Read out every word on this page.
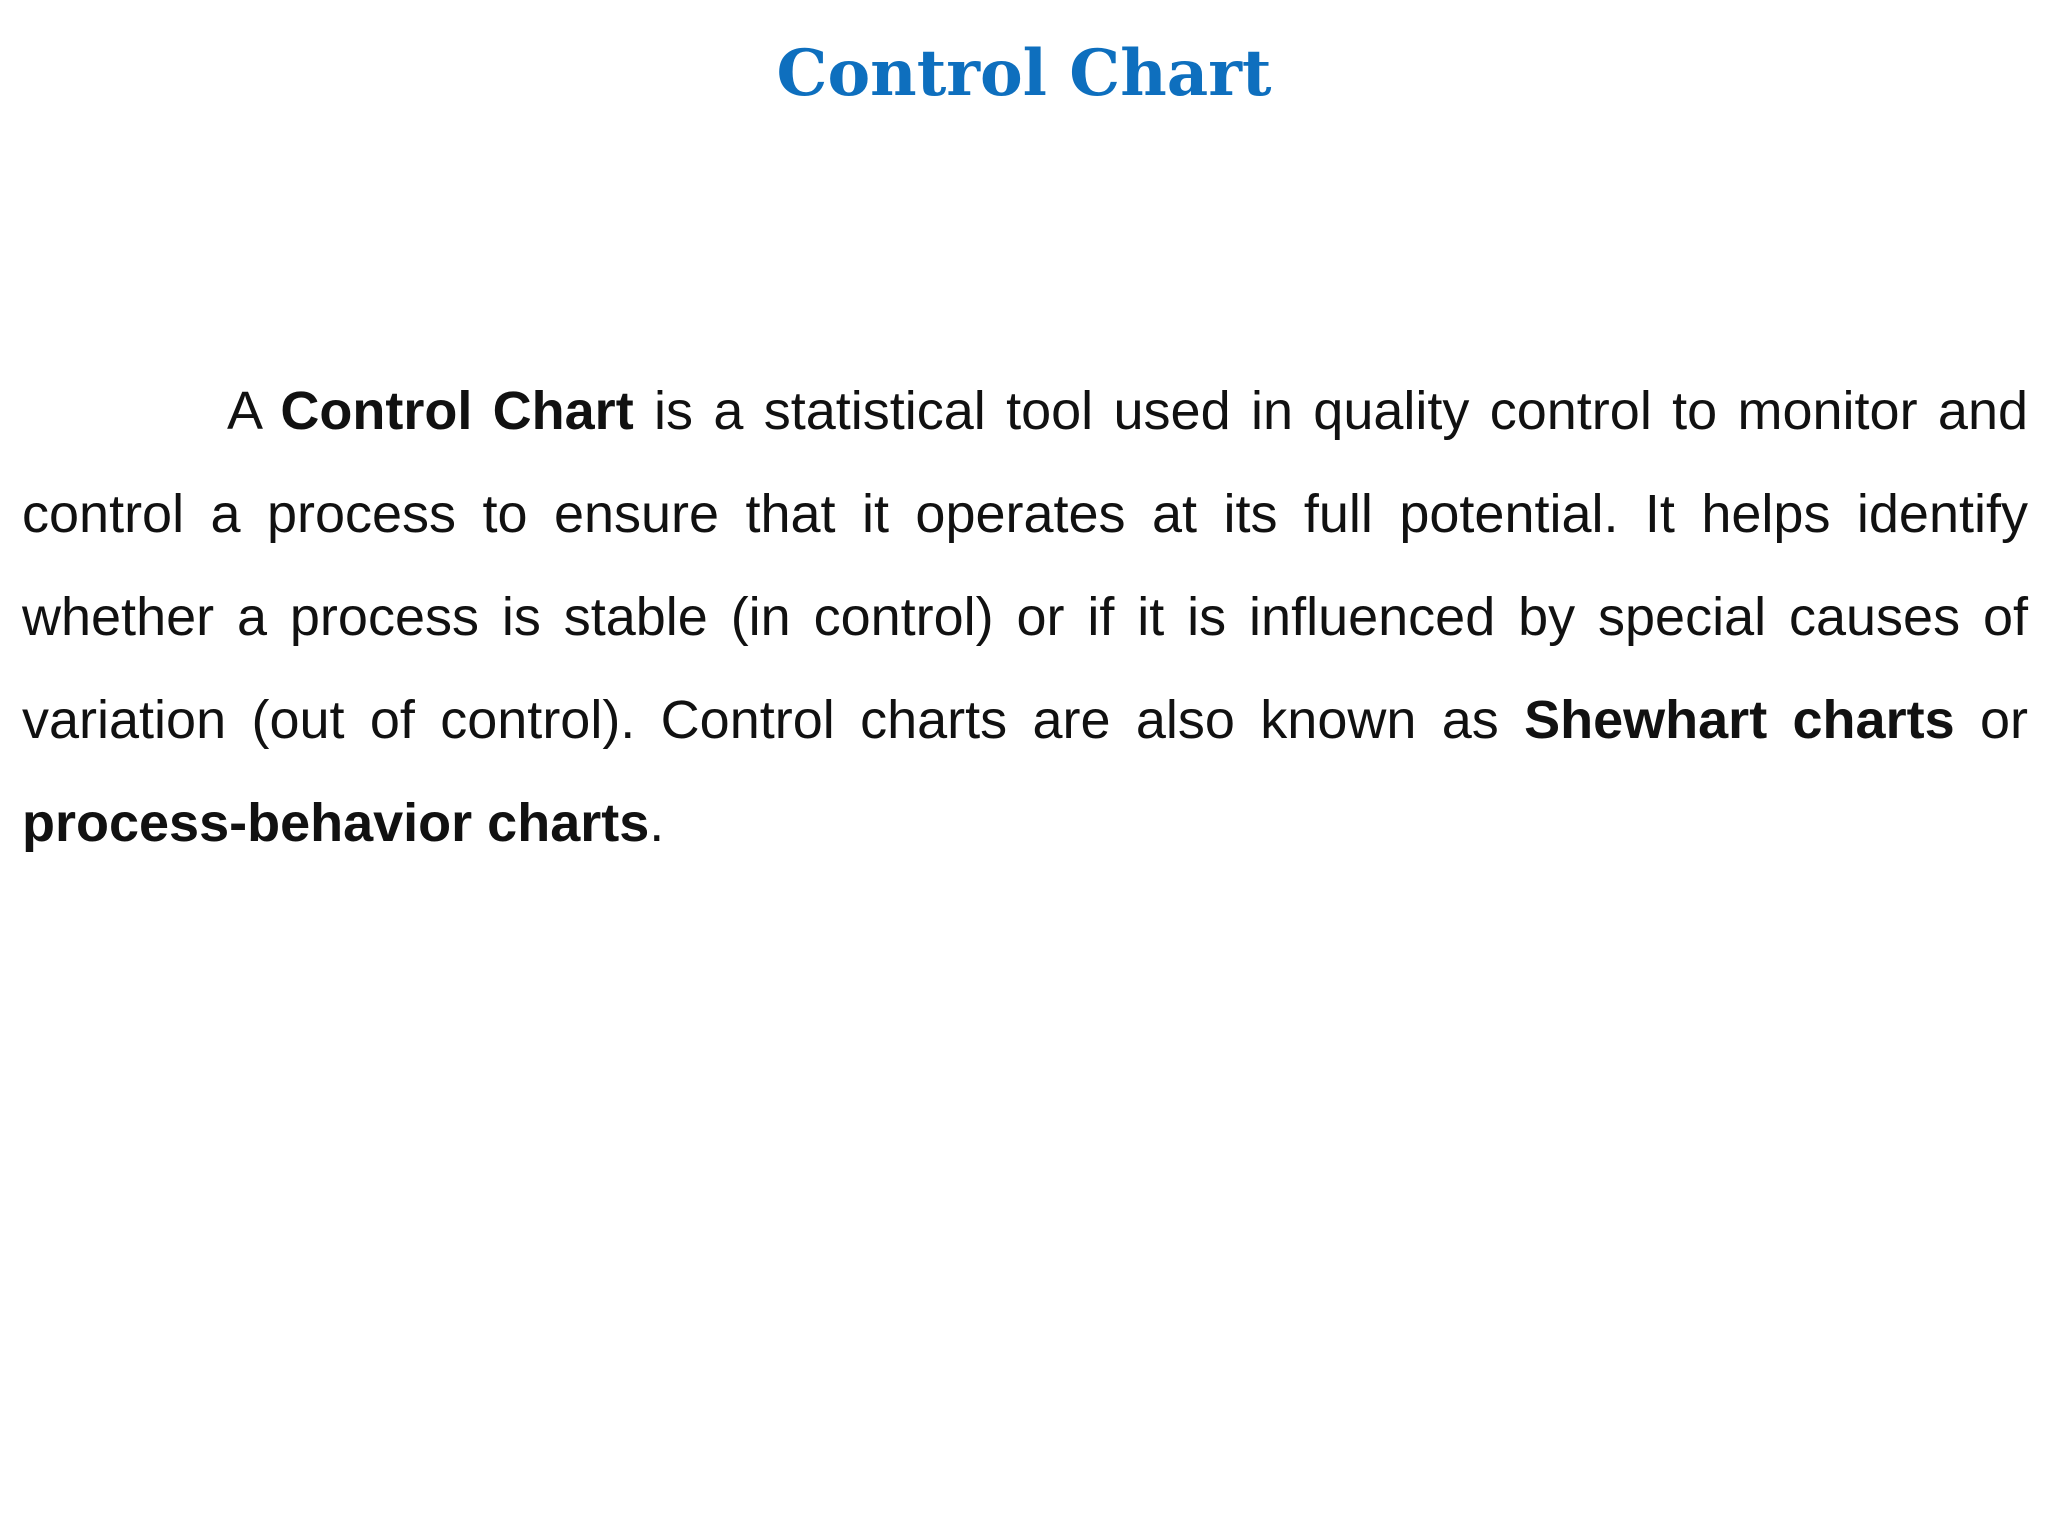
Control Chart

A Control Chart is a statistical tool used in quality control to monitor and control a process to ensure that it operates at its full potential. It helps identify whether a process is stable (in control) or if it is influenced by special causes of variation (out of control). Control charts are also known as Shewhart charts or process-behavior charts.
